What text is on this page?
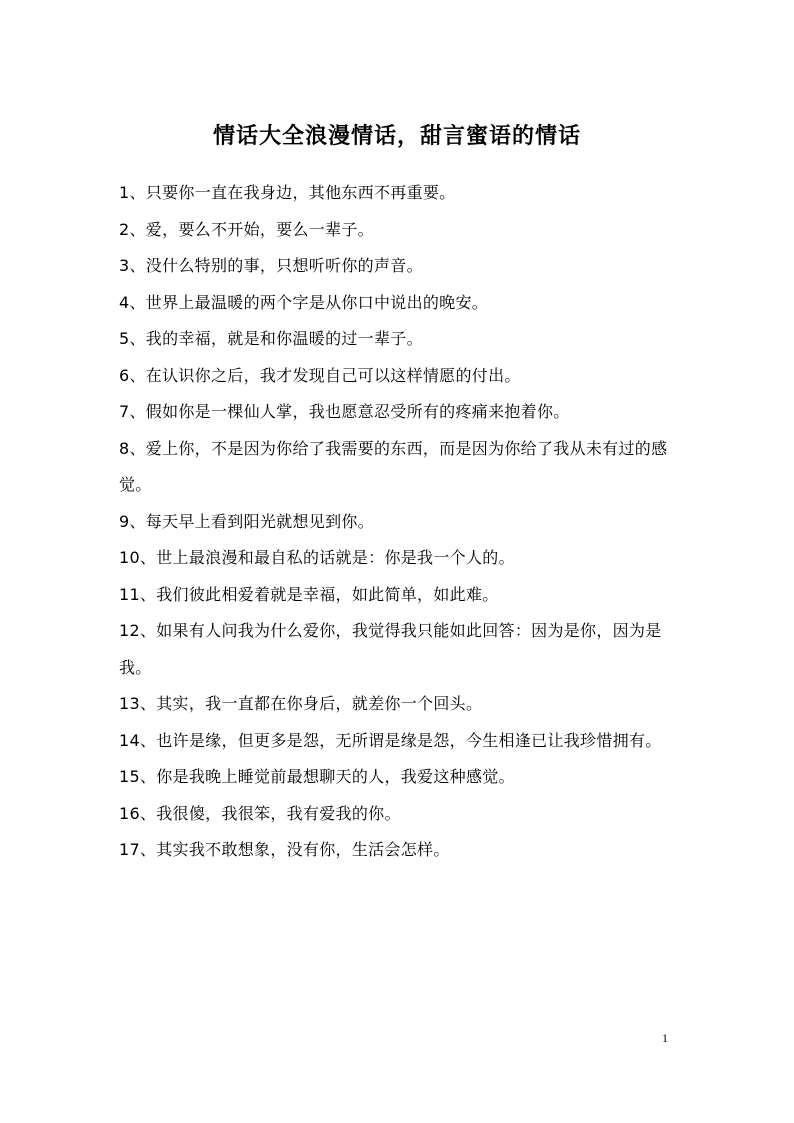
情话大全浪漫情话，甜言蜜语的情话
1、只要你一直在我身边，其他东西不再重要。
2、爱，要么不开始，要么一辈子。
3、没什么特别的事，只想听听你的声音。
4、世界上最温暖的两个字是从你口中说出的晚安。
5、我的幸福，就是和你温暖的过一辈子。
6、在认识你之后，我才发现自己可以这样情愿的付出。
7、假如你是一棵仙人掌，我也愿意忍受所有的疼痛来抱着你。
8、爱上你，不是因为你给了我需要的东西，而是因为你给了我从未有过的感觉。
9、每天早上看到阳光就想见到你。
10、世上最浪漫和最自私的话就是：你是我一个人的。
11、我们彼此相爱着就是幸福，如此简单，如此难。
12、如果有人问我为什么爱你，我觉得我只能如此回答：因为是你，因为是我。
13、其实，我一直都在你身后，就差你一个回头。
14、也许是缘，但更多是怨，无所谓是缘是怨，今生相逢已让我珍惜拥有。
15、你是我晚上睡觉前最想聊天的人，我爱这种感觉。
16、我很傻，我很笨，我有爱我的你。
17、其实我不敢想象，没有你，生活会怎样。
1
